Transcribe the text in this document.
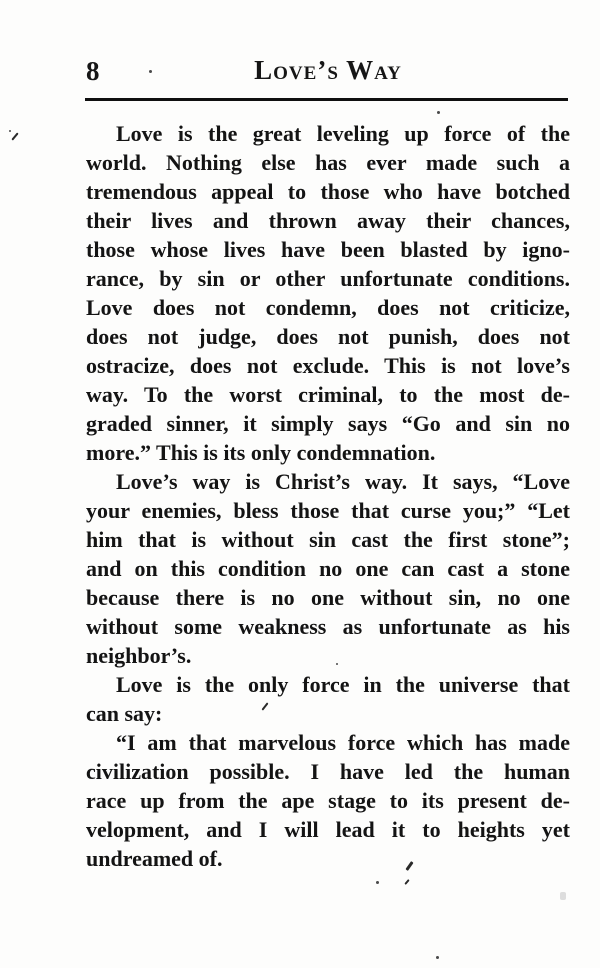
8	Love’s Way
Love is the great leveling up force of the
world. Nothing else has ever made such a
tremendous appeal to those who have botched
their lives and thrown away their chances,
those whose lives have been blasted by igno-
rance, by sin or other unfortunate conditions.
Love does not condemn, does not criticize,
does not judge, does not punish, does not
ostracize, does not exclude. This is not love’s
way. To the worst criminal, to the most de-
graded sinner, it simply says “Go and sin no
more.” This is its only condemnation.
Love’s way is Christ’s way. It says, “Love
your enemies, bless those that curse you;” “Let
him that is without sin cast the first stone”;
and on this condition no one can cast a stone
because there is no one without sin, no one
without some weakness as unfortunate as his
neighbor’s.
Love is the only force in the universe that
can say:
“I am that marvelous force which has made
civilization possible. I have led the human
race up from the ape stage to its present de-
velopment, and I will lead it to heights yet
undreamed of.
